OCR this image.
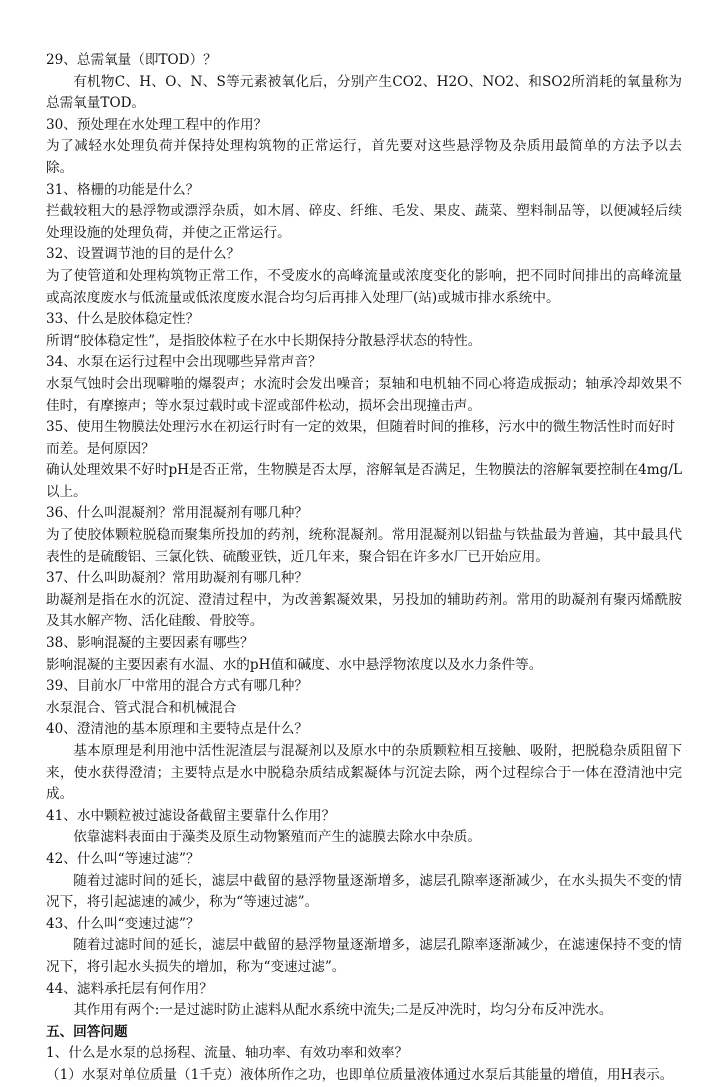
29、总需氧量（即TOD）？

有机物C、H、O、N、S等元素被氧化后，分别产生CO2、H2O、NO2、和SO2所消耗的氧量称为总需氧量TOD。

30、预处理在水处理工程中的作用？

为了减轻水处理负荷并保持处理构筑物的正常运行，首先要对这些悬浮物及杂质用最简单的方法予以去除。

31、格栅的功能是什么？

拦截较粗大的悬浮物或漂浮杂质，如木屑、碎皮、纤维、毛发、果皮、蔬菜、塑料制品等，以便减轻后续处理设施的处理负荷，并使之正常运行。

32、设置调节池的目的是什么？

为了使管道和处理构筑物正常工作，不受废水的高峰流量或浓度变化的影响，把不同时间排出的高峰流量或高浓度废水与低流量或低浓度废水混合均匀后再排入处理厂(站)或城市排水系统中。

33、什么是胶体稳定性？

所谓“胶体稳定性”，是指胶体粒子在水中长期保持分散悬浮状态的特性。

34、水泵在运行过程中会出现哪些异常声音？

水泵气蚀时会出现噼啪的爆裂声；水流时会发出噪音；泵轴和电机轴不同心将造成振动；轴承冷却效果不佳时，有摩擦声；等水泵过载时或卡涩或部件松动，损坏会出现撞击声。

35、使用生物膜法处理污水在初运行时有一定的效果，但随着时间的推移，污水中的微生物活性时而好时而差。是何原因？

确认处理效果不好时pH是否正常，生物膜是否太厚，溶解氧是否满足，生物膜法的溶解氧要控制在4mg/L以上。

36、什么叫混凝剂？常用混凝剂有哪几种？

为了使胶体颗粒脱稳而聚集所投加的药剂，统称混凝剂。常用混凝剂以铝盐与铁盐最为普遍，其中最具代表性的是硫酸铝、三氯化铁、硫酸亚铁，近几年来，聚合铝在许多水厂已开始应用。

37、什么叫助凝剂？常用助凝剂有哪几种？

助凝剂是指在水的沉淀、澄清过程中，为改善絮凝效果，另投加的辅助药剂。常用的助凝剂有聚丙烯酰胺及其水解产物、活化硅酸、骨胶等。

38、影响混凝的主要因素有哪些？

影响混凝的主要因素有水温、水的pH值和碱度、水中悬浮物浓度以及水力条件等。

39、目前水厂中常用的混合方式有哪几种？

水泵混合、管式混合和机械混合

40、澄清池的基本原理和主要特点是什么？

基本原理是利用池中活性泥渣层与混凝剂以及原水中的杂质颗粒相互接触、吸附，把脱稳杂质阻留下来，使水获得澄清；主要特点是水中脱稳杂质结成絮凝体与沉淀去除，两个过程综合于一体在澄清池中完成。

41、水中颗粒被过滤设备截留主要靠什么作用？

依靠滤料表面由于藻类及原生动物繁殖而产生的滤膜去除水中杂质。

42、什么叫“等速过滤”？

随着过滤时间的延长，滤层中截留的悬浮物量逐渐增多，滤层孔隙率逐渐减少，在水头损失不变的情况下，将引起滤速的减少，称为“等速过滤”。

43、什么叫“变速过滤”？

随着过滤时间的延长，滤层中截留的悬浮物量逐渐增多，滤层孔隙率逐渐减少，在滤速保持不变的情况下，将引起水头损失的增加，称为“变速过滤”。

44、滤料承托层有何作用？

其作用有两个:一是过滤时防止滤料从配水系统中流失;二是反冲洗时，均匀分布反冲洗水。

五、回答问题

1、什么是水泵的总扬程、流量、轴功率、有效功率和效率？

（1）水泵对单位质量（1千克）液体所作之功，也即单位质量液体通过水泵后其能量的增值，用H表示。
